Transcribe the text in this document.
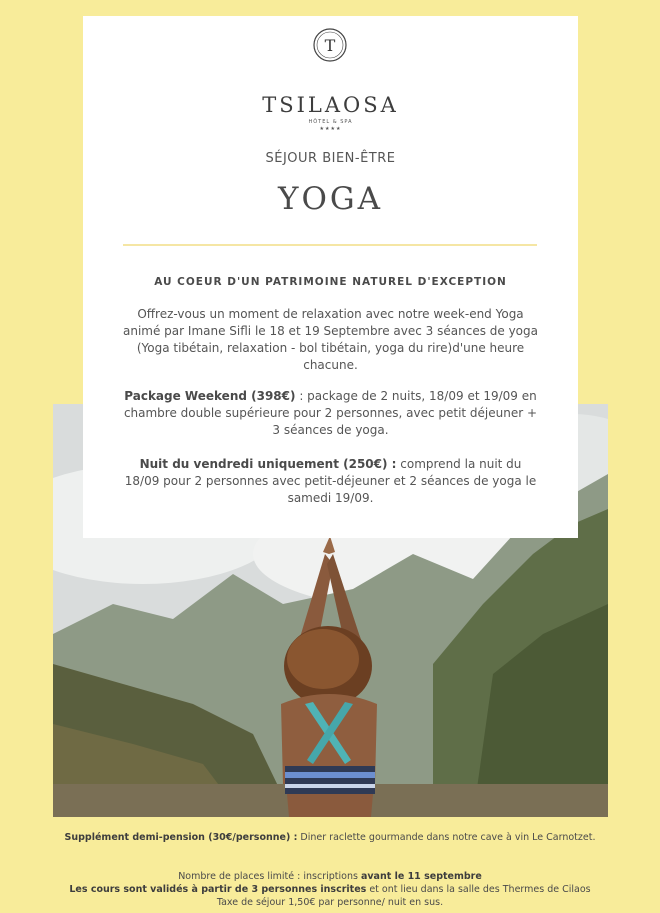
T
TSILAOSA
HÔTEL & SPA
★★★★
SÉJOUR BIEN-ÊTRE
YOGA
AU COEUR D'UN PATRIMOINE NATUREL D'EXCEPTION
Offrez-vous un moment de relaxation avec notre week-end Yoga animé par Imane Sifli le 18 et 19 Septembre avec 3 séances de yoga (Yoga tibétain, relaxation - bol tibétain, yoga du rire)d'une heure chacune.
Package Weekend (398€) : package de 2 nuits, 18/09 et 19/09 en chambre double supérieure pour 2 personnes, avec petit déjeuner + 3 séances de yoga.
Nuit du vendredi uniquement (250€) : comprend la nuit du 18/09 pour 2 personnes avec petit-déjeuner et 2 séances de yoga le samedi 19/09.
Supplément demi-pension (30€/personne) : Diner raclette gourmande dans notre cave à vin Le Carnotzet.
Nombre de places limité : inscriptions avant le 11 septembre
Les cours sont validés à partir de 3 personnes inscrites et ont lieu dans la salle des Thermes de Cilaos
Taxe de séjour 1,50€ par personne/ nuit en sus.
